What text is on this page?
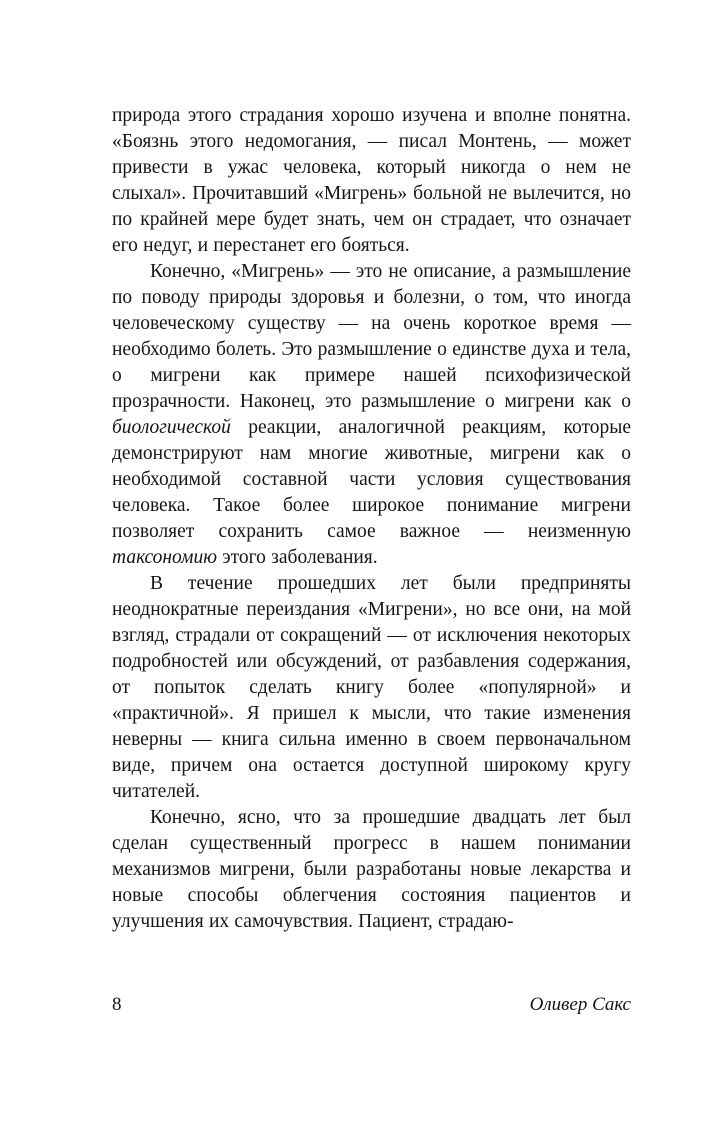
природа этого страдания хорошо изучена и вполне понятна. «Боязнь этого недомогания, — писал Монтень, — может привести в ужас человека, который никогда о нем не слыхал». Прочитавший «Мигрень» больной не вылечится, но по крайней мере будет знать, чем он страдает, что означает его недуг, и перестанет его бояться.

Конечно, «Мигрень» — это не описание, а размышление по поводу природы здоровья и болезни, о том, что иногда человеческому существу — на очень короткое время — необходимо болеть. Это размышление о единстве духа и тела, о мигрени как примере нашей психофизической прозрачности. Наконец, это размышление о мигрени как о биологической реакции, аналогичной реакциям, которые демонстрируют нам многие животные, мигрени как о необходимой составной части условия существования человека. Такое более широкое понимание мигрени позволяет сохранить самое важное — неизменную таксономию этого заболевания.

В течение прошедших лет были предприняты неоднократные переиздания «Мигрени», но все они, на мой взгляд, страдали от сокращений — от исключения некоторых подробностей или обсуждений, от разбавления содержания, от попыток сделать книгу более «популярной» и «практичной». Я пришел к мысли, что такие изменения неверны — книга сильна именно в своем первоначальном виде, причем она остается доступной широкому кругу читателей.

Конечно, ясно, что за прошедшие двадцать лет был сделан существенный прогресс в нашем понимании механизмов мигрени, были разработаны новые лекарства и новые способы облегчения состояния пациентов и улучшения их самочувствия. Пациент, страдаю-

8	Оливер Сакс
